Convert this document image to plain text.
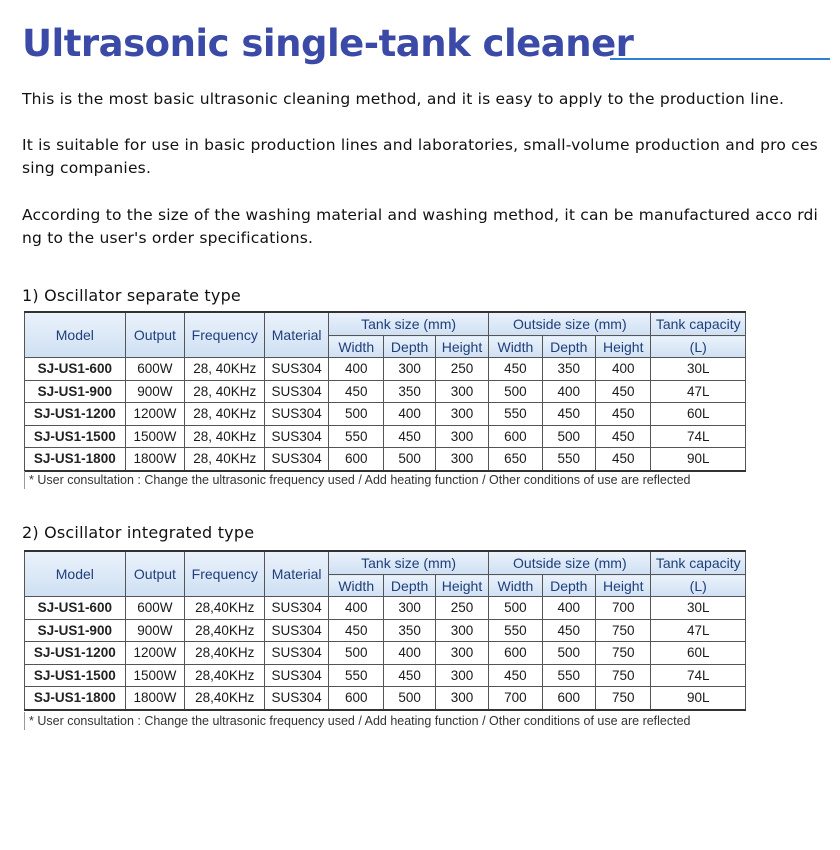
Ultrasonic single-tank cleaner
This is the most basic ultrasonic cleaning method, and it is easy to apply to the production line.
It is suitable for use in basic production lines and laboratories, small-volume production and pro cessing companies.
According to the size of the washing material and washing method, it can be manufactured acco rding to the user's order specifications.
1) Oscillator separate type
Model	Output	Frequency	Material	Tank size (mm)			Outside size (mm)			Tank capacity
				Width	Depth	Height	Width	Depth	Height	(L)
SJ-US1-600	600W	28, 40KHz	SUS304	400	300	250	450	350	400	30L
SJ-US1-900	900W	28, 40KHz	SUS304	450	350	300	500	400	450	47L
SJ-US1-1200	1200W	28, 40KHz	SUS304	500	400	300	550	450	450	60L
SJ-US1-1500	1500W	28, 40KHz	SUS304	550	450	300	600	500	450	74L
SJ-US1-1800	1800W	28, 40KHz	SUS304	600	500	300	650	550	450	90L
* User consultation : Change the ultrasonic frequency used / Add heating function / Other conditions of use are reflected
2) Oscillator integrated type
Model	Output	Frequency	Material	Tank size (mm)			Outside size (mm)			Tank capacity
				Width	Depth	Height	Width	Depth	Height	(L)
SJ-US1-600	600W	28,40KHz	SUS304	400	300	250	500	400	700	30L
SJ-US1-900	900W	28,40KHz	SUS304	450	350	300	550	450	750	47L
SJ-US1-1200	1200W	28,40KHz	SUS304	500	400	300	600	500	750	60L
SJ-US1-1500	1500W	28,40KHz	SUS304	550	450	300	450	550	750	74L
SJ-US1-1800	1800W	28,40KHz	SUS304	600	500	300	700	600	750	90L
* User consultation : Change the ultrasonic frequency used / Add heating function / Other conditions of use are reflected
